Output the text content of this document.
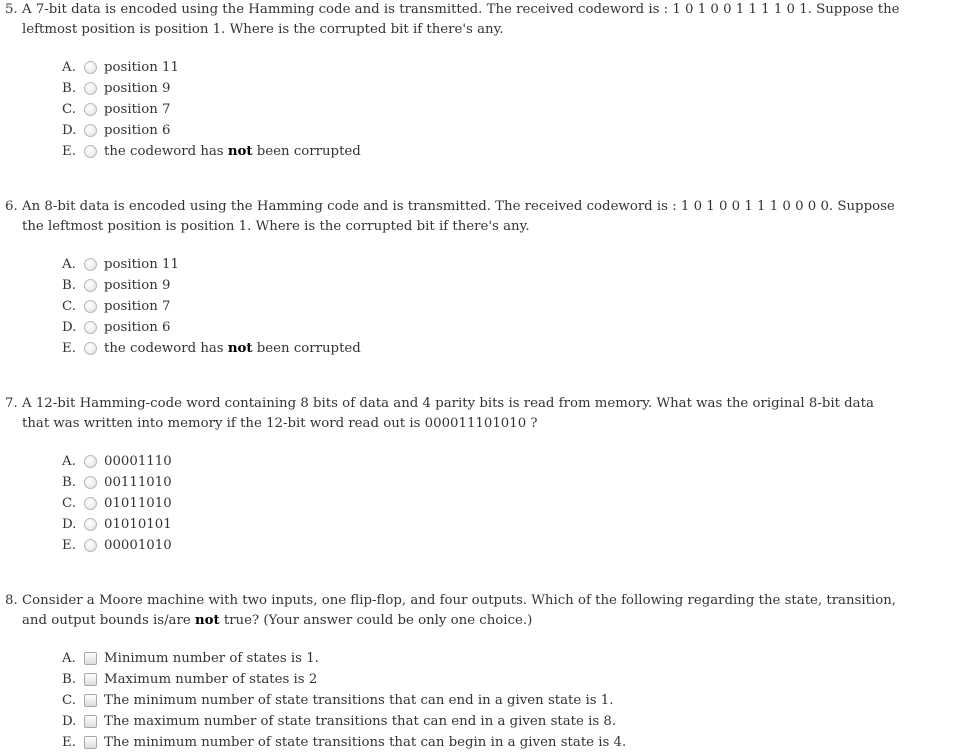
5. A 7-bit data is encoded using the Hamming code and is transmitted. The received codeword is : 1 0 1 0 0 1 1 1 1 0 1. Suppose the leftmost position is position 1. Where is the corrupted bit if there's any.
A. position 11
B. position 9
C. position 7
D. position 6
E. the codeword has not been corrupted
6. An 8-bit data is encoded using the Hamming code and is transmitted. The received codeword is : 1 0 1 0 0 1 1 1 0 0 0 0. Suppose the leftmost position is position 1. Where is the corrupted bit if there's any.
A. position 11
B. position 9
C. position 7
D. position 6
E. the codeword has not been corrupted
7. A 12-bit Hamming-code word containing 8 bits of data and 4 parity bits is read from memory. What was the original 8-bit data that was written into memory if the 12-bit word read out is 000011101010 ?
A. 00001110
B. 00111010
C. 01011010
D. 01010101
E. 00001010
8. Consider a Moore machine with two inputs, one flip-flop, and four outputs. Which of the following regarding the state, transition, and output bounds is/are not true? (Your answer could be only one choice.)
A. Minimum number of states is 1.
B. Maximum number of states is 2
C. The minimum number of state transitions that can end in a given state is 1.
D. The maximum number of state transitions that can end in a given state is 8.
E. The minimum number of state transitions that can begin in a given state is 4.
